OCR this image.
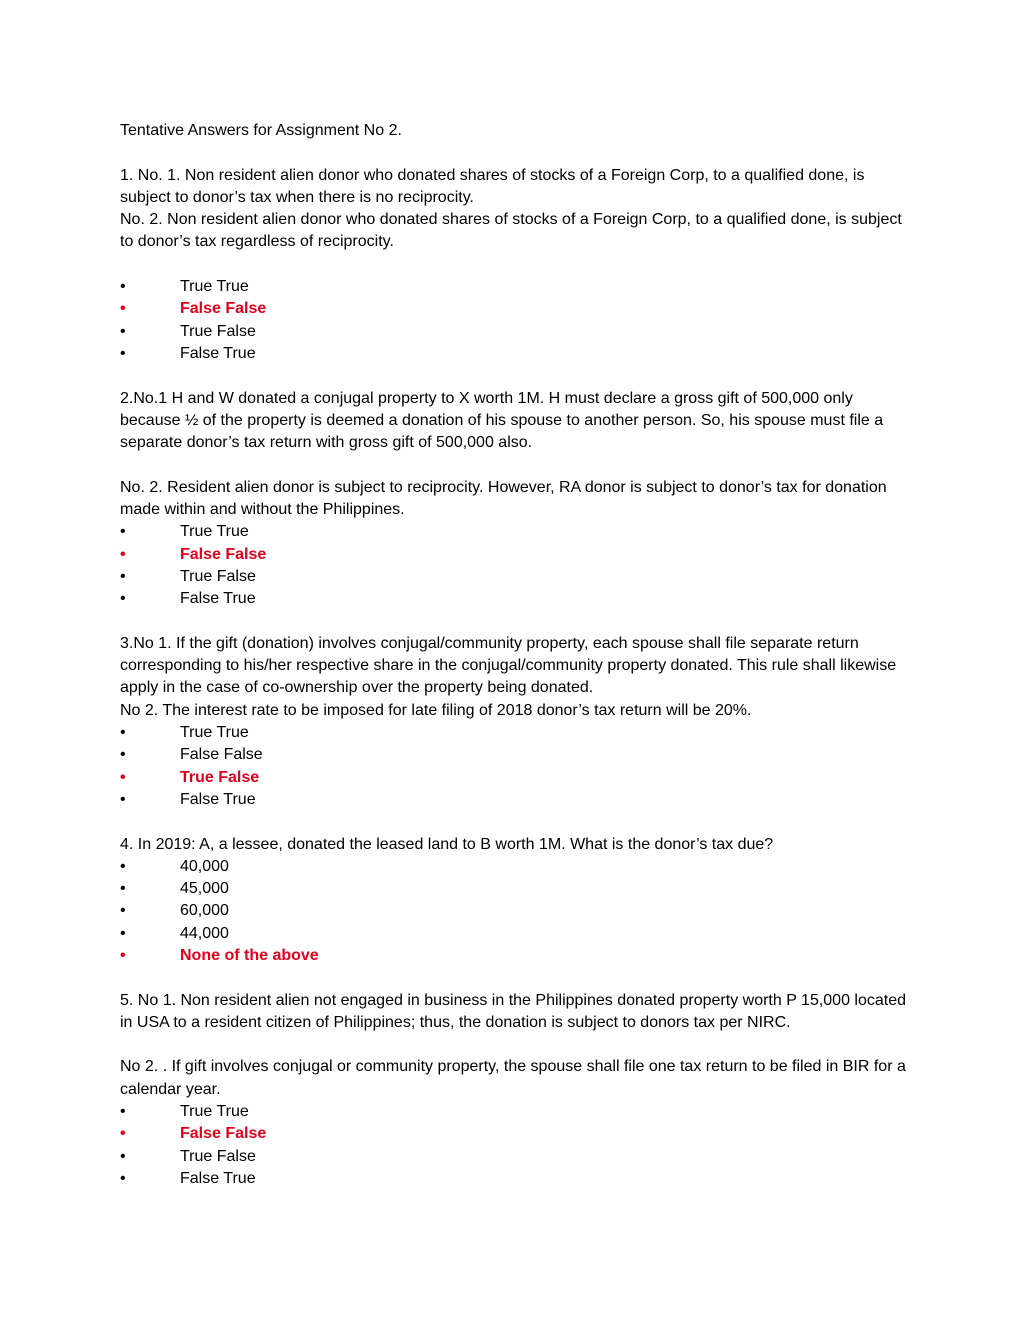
Tentative Answers for Assignment No 2.

1. No. 1. Non resident alien donor who donated shares of stocks of a Foreign Corp, to a qualified done, is subject to donor’s tax when there is no reciprocity.

No. 2. Non resident alien donor who donated shares of stocks of a Foreign Corp, to a qualified done, is subject to donor’s tax regardless of reciprocity.

•	True True
•	False False
•	True False
•	False True

2.No.1 H and W donated a conjugal property to X worth 1M. H must declare a gross gift of 500,000 only because ½ of the property is deemed a donation of his spouse to another person. So, his spouse must file a separate donor’s tax return with gross gift of 500,000 also.

No. 2. Resident alien donor is subject to reciprocity. However, RA donor is subject to donor’s tax for donation made within and without the Philippines.

•	True True
•	False False
•	True False
•	False True

3.No 1. If the gift (donation) involves conjugal/community property, each spouse shall file separate return corresponding to his/her respective share in the conjugal/community property donated. This rule shall likewise apply in the case of co-ownership over the property being donated.

No 2. The interest rate to be imposed for late filing of 2018 donor’s tax return will be 20%.

•	True True
•	False False
•	True False
•	False True

4. In 2019: A, a lessee, donated the leased land to B worth 1M. What is the donor’s tax due?

•	40,000
•	45,000
•	60,000
•	44,000
•	None of the above

5. No 1. Non resident alien not engaged in business in the Philippines donated property worth P 15,000 located in USA to a resident citizen of Philippines; thus, the donation is subject to donors tax per NIRC.

No 2. . If gift involves conjugal or community property, the spouse shall file one tax return to be filed in BIR for a calendar year.

•	True True
•	False False
•	True False
•	False True
